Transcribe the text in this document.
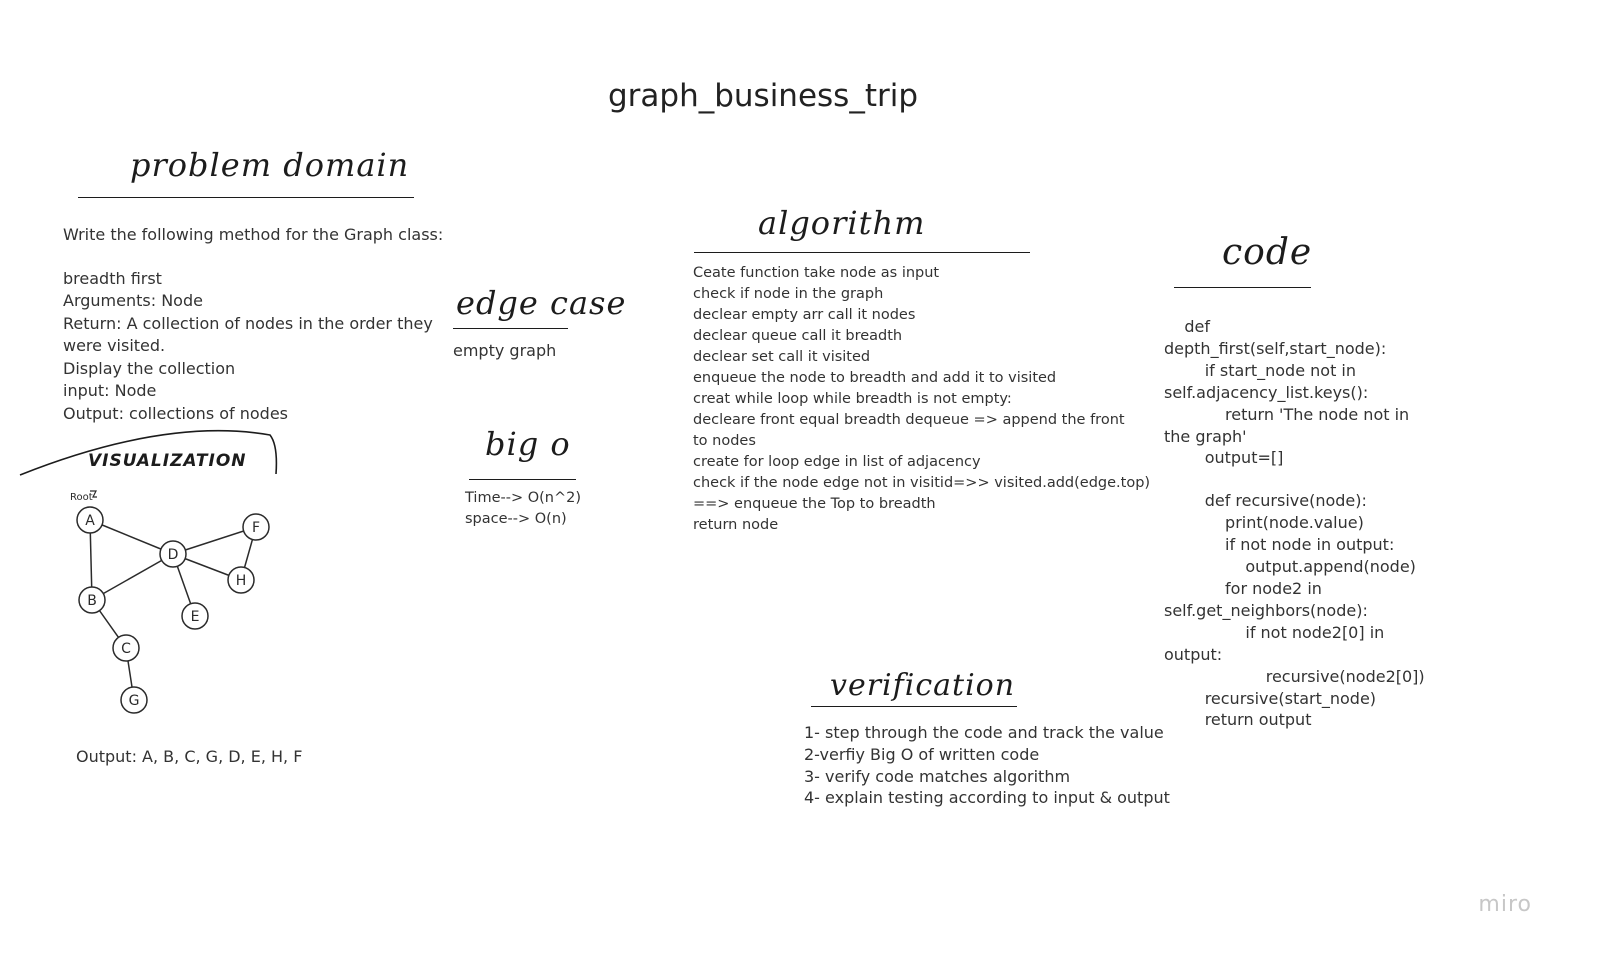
graph_business_trip
problem domain
Write the following method for the Graph class:
breadth first
Arguments: Node
Return: A collection of nodes in the order they
were visited.
Display the collection
input: Node
Output: collections of nodes
VISUALIZATION
A
B
C
D
E
F
G
H
Root
Output: A, B, C, G, D, E, H, F
edge case
empty graph
big o
Time--> O(n^2)
space--> O(n)
algorithm
Ceate function take node as input
check if node in the graph
declear empty arr call it nodes
declear queue call it breadth
declear set call it visited
enqueue the node to breadth and add it to visited
creat while loop while breadth is not empty:
decleare front equal breadth dequeue => append the front
to nodes
create for loop edge in list of adjacency
check if the node edge not in visitid=>> visited.add(edge.top)
==> enqueue the Top to breadth
return node
verification
1- step through the code and track the value
2-verfiy Big O of written code
3- verify code matches algorithm
4- explain testing according to input & output
code
def
depth_first(self,start_node):
if start_node not in
self.adjacency_list.keys():
return 'The node not in
the graph'
output=[]
def recursive(node):
print(node.value)
if not node in output:
output.append(node)
for node2 in
self.get_neighbors(node):
if not node2[0] in
output:
recursive(node2[0])
recursive(start_node)
return output
miro
